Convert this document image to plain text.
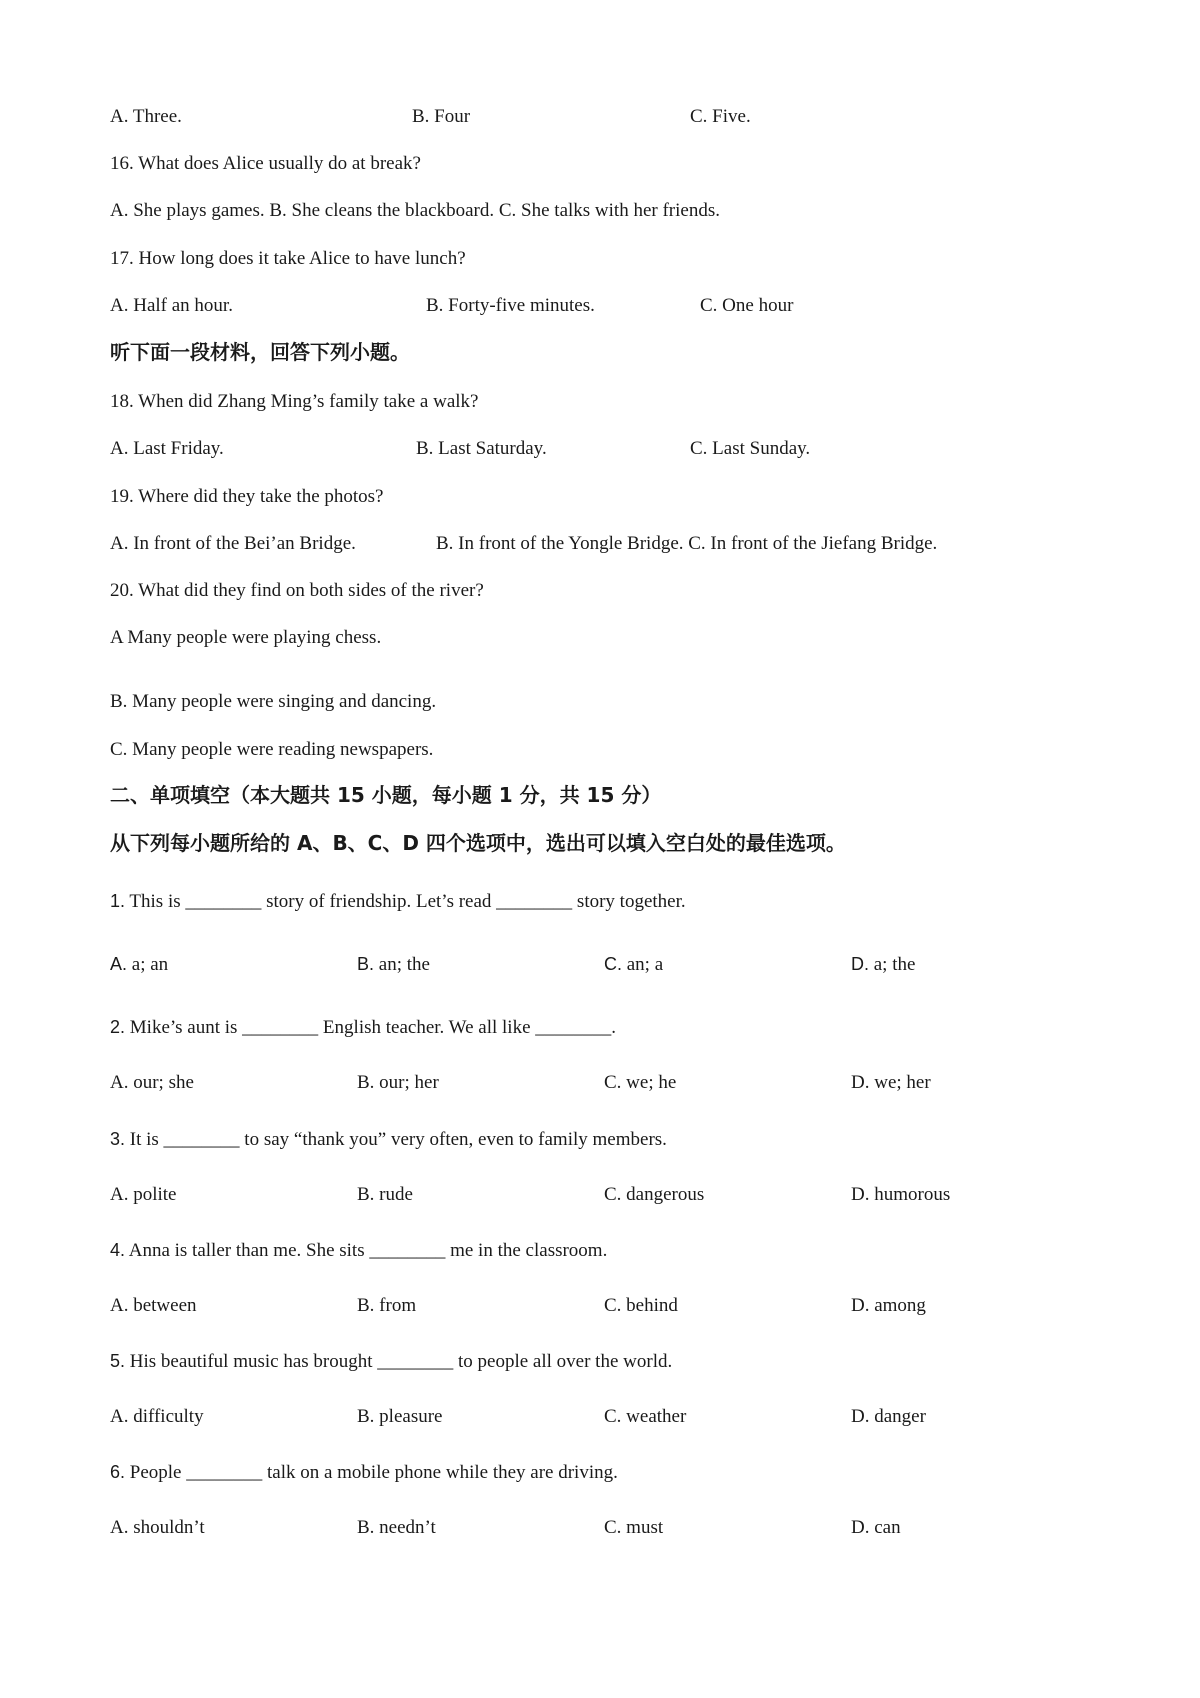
A. Three.	B. Four	C. Five.
16. What does Alice usually do at break?
A. She plays games. B. She cleans the blackboard. C. She talks with her friends.
17. How long does it take Alice to have lunch?
A. Half an hour.	B. Forty-five minutes.	C. One hour
听下面一段材料，回答下列小题。
18. When did Zhang Ming’s family take a walk?
A. Last Friday.	B. Last Saturday.	C. Last Sunday.
19. Where did they take the photos?
A. In front of the Bei’an Bridge.	B. In front of the Yongle Bridge. C. In front of the Jiefang Bridge.
20. What did they find on both sides of the river?
A Many people were playing chess.
B. Many people were singing and dancing.
C. Many people were reading newspapers.
二、单项填空（本大题共 15 小题，每小题 1 分，共 15 分）
从下列每小题所给的 A、B、C、D 四个选项中，选出可以填入空白处的最佳选项。
1. This is ________ story of friendship. Let’s read ________ story together.
A. a; an	B. an; the	C. an; a	D. a; the
2. Mike’s aunt is ________ English teacher. We all like ________.
A. our; she	B. our; her	C. we; he	D. we; her
3. It is ________ to say “thank you” very often, even to family members.
A. polite	B. rude	C. dangerous	D. humorous
4. Anna is taller than me. She sits ________ me in the classroom.
A. between	B. from	C. behind	D. among
5. His beautiful music has brought ________ to people all over the world.
A. difficulty	B. pleasure	C. weather	D. danger
6. People ________ talk on a mobile phone while they are driving.
A. shouldn’t	B. needn’t	C. must	D. can
